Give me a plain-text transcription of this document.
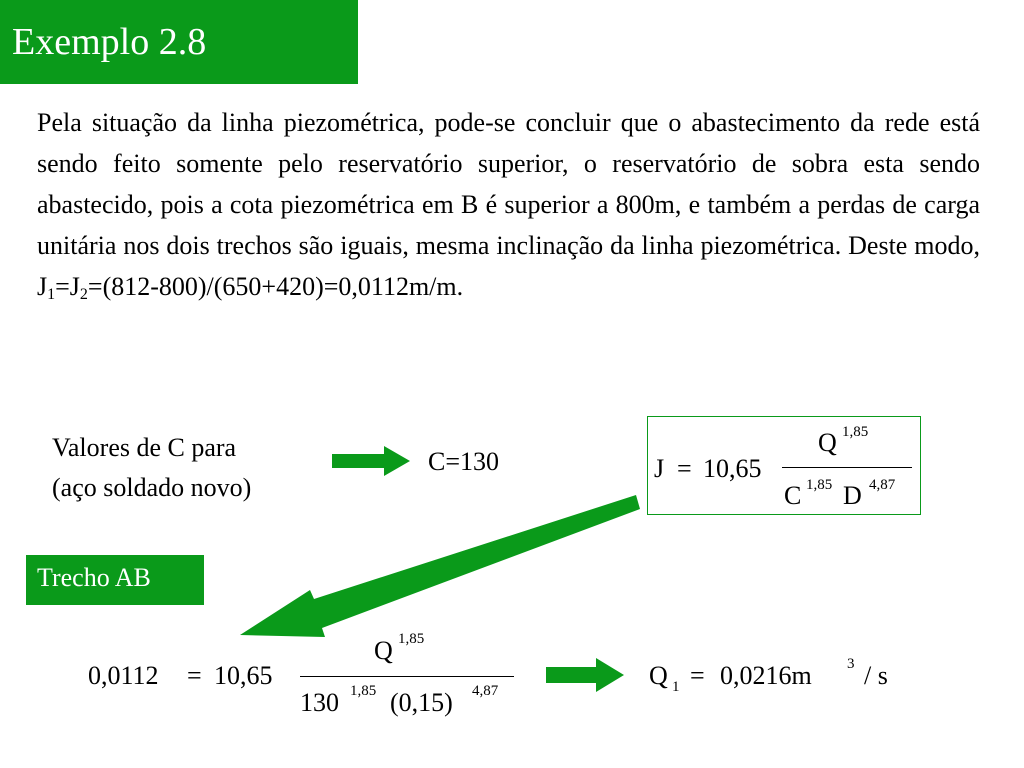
Exemplo 2.8
Pela situação da linha piezométrica, pode-se concluir que o abastecimento da rede está sendo feito somente pelo reservatório superior, o reservatório de sobra esta sendo abastecido, pois a cota piezométrica em B é superior a 800m, e também a perdas de carga unitária nos dois trechos são iguais, mesma inclinação da linha piezométrica. Deste modo, $J_1=J_2=(812-800)/(650+420)=0,0112m/m$.
Valores de C para
(aço soldado novo)
C=130	J = 10,65
Q 1,85
C 1,85 D 4,87
Trecho AB
0,0112 = 10,65
Q 1,85
130 1,85 (0,15) 4,87
Q 1 = 0,0216m 3 / s
